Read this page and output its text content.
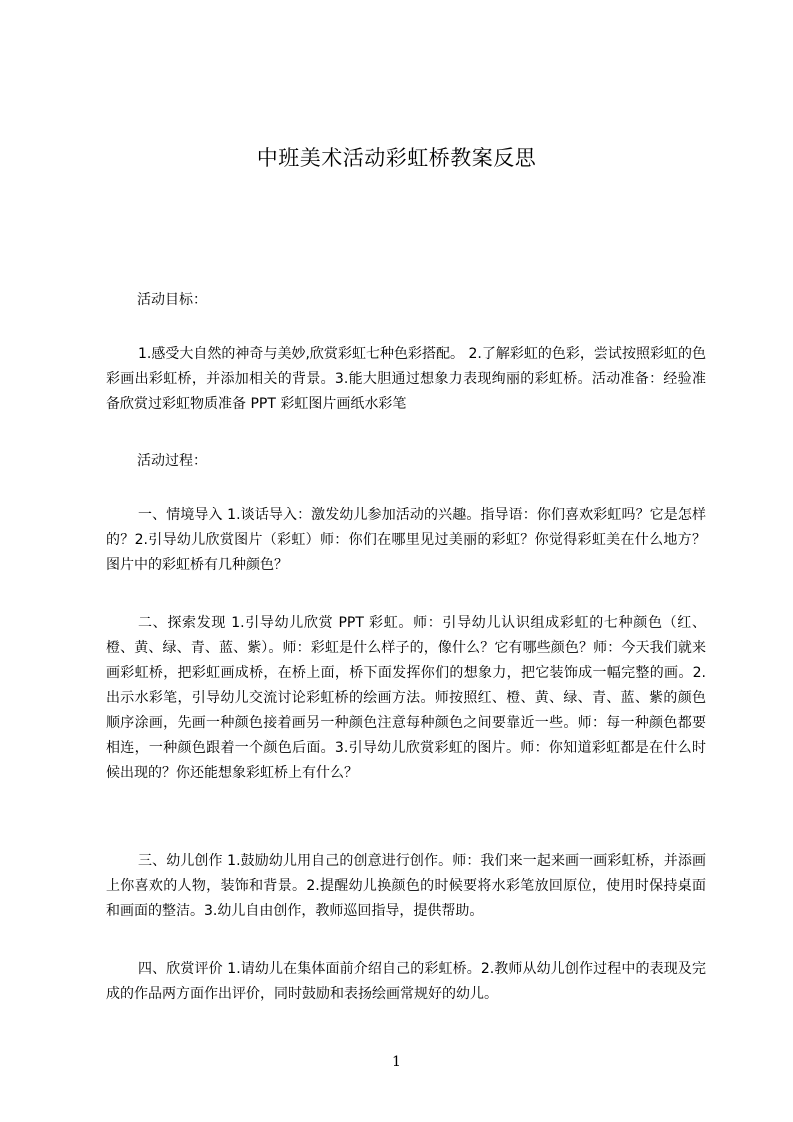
中班美术活动彩虹桥教案反思
活动目标：
1.感受大自然的神奇与美妙,欣赏彩虹七种色彩搭配。 2.了解彩虹的色彩，尝试按照彩虹的色彩画出彩虹桥，并添加相关的背景。3.能大胆通过想象力表现绚丽的彩虹桥。活动准备：经验准备欣赏过彩虹物质准备 PPT 彩虹图片画纸水彩笔
活动过程：
一、情境导入 1.谈话导入：激发幼儿参加活动的兴趣。指导语：你们喜欢彩虹吗？它是怎样的？2.引导幼儿欣赏图片（彩虹）师：你们在哪里见过美丽的彩虹？你觉得彩虹美在什么地方？图片中的彩虹桥有几种颜色？
二、探索发现 1.引导幼儿欣赏 PPT 彩虹。师：引导幼儿认识组成彩虹的七种颜色（红、橙、黄、绿、青、蓝、紫）。师：彩虹是什么样子的，像什么？它有哪些颜色？师：今天我们就来画彩虹桥，把彩虹画成桥，在桥上面，桥下面发挥你们的想象力，把它装饰成一幅完整的画。2.出示水彩笔，引导幼儿交流讨论彩虹桥的绘画方法。师按照红、橙、黄、绿、青、蓝、紫的颜色顺序涂画，先画一种颜色接着画另一种颜色注意每种颜色之间要靠近一些。师：每一种颜色都要相连，一种颜色跟着一个颜色后面。3.引导幼儿欣赏彩虹的图片。师：你知道彩虹都是在什么时候出现的？你还能想象彩虹桥上有什么？
三、幼儿创作 1.鼓励幼儿用自己的创意进行创作。师：我们来一起来画一画彩虹桥，并添画上你喜欢的人物，装饰和背景。2.提醒幼儿换颜色的时候要将水彩笔放回原位，使用时保持桌面和画面的整洁。3.幼儿自由创作，教师巡回指导，提供帮助。
四、欣赏评价 1.请幼儿在集体面前介绍自己的彩虹桥。2.教师从幼儿创作过程中的表现及完成的作品两方面作出评价，同时鼓励和表扬绘画常规好的幼儿。
1
